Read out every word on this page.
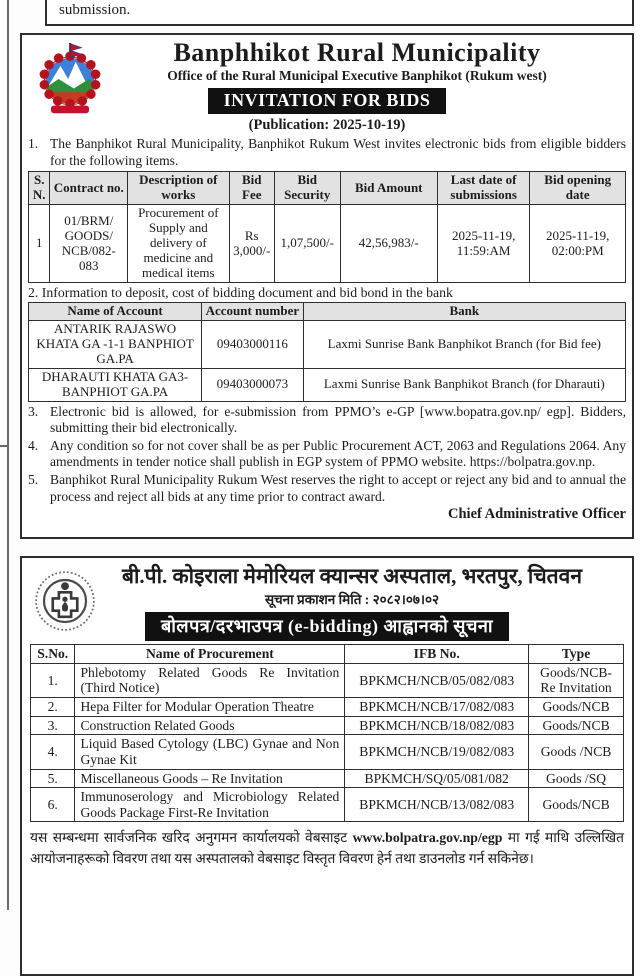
submission.
Banphhikot Rural Municipality
Office of the Rural Municipal Executive Banphikot (Rukum west)
INVITATION FOR BIDS
(Publication: 2025-10-19)
1. The Banphikot Rural Municipality, Banphikot Rukum West invites electronic bids from eligible bidders for the following items.
S. N.	Contract no.	Description of works	Bid Fee	Bid Security	Bid Amount	Last date of submissions	Bid opening date
1	01/BRM/ GOODS/ NCB/082-083	Procurement of Supply and delivery of medicine and medical items	Rs 3,000/-	1,07,500/-	42,56,983/-	2025-11-19, 11:59:AM	2025-11-19, 02:00:PM
2. Information to deposit, cost of bidding document and bid bond in the bank
Name of Account	Account number	Bank
ANTARIK RAJASWO KHATA GA -1-1 BANPHIOT GA.PA	09403000116	Laxmi Sunrise Bank Banphikot Branch (for Bid fee)
DHARAUTI KHATA GA3- BANPHIOT GA.PA	09403000073	Laxmi Sunrise Bank Banphikot Branch (for Dharauti)
3. Electronic bid is allowed, for e-submission from PPMO’s e-GP [www.bopatra.gov.np/ egp]. Bidders, submitting their bid electronically.
4. Any condition so for not cover shall be as per Public Procurement ACT, 2063 and Regulations 2064. Any amendments in tender notice shall publish in EGP system of PPMO website. https://bolpatra.gov.np.
5. Banphikot Rural Municipality Rukum West reserves the right to accept or reject any bid and to annual the process and reject all bids at any time prior to contract award.
Chief Administrative Officer
बी.पी. कोइराला मेमोरियल क्यान्सर अस्पताल, भरतपुर, चितवन
सूचना प्रकाशन मिति : २०८२।०७।०२
बोलपत्र/दरभाउपत्र (e-bidding) आह्वानको सूचना
S.No.	Name of Procurement	IFB No.	Type
1.	Phlebotomy Related Goods Re Invitation (Third Notice)	BPKMCH/NCB/05/082/083	Goods/NCB- Re Invitation
2.	Hepa Filter for Modular Operation Theatre	BPKMCH/NCB/17/082/083	Goods/NCB
3.	Construction Related Goods	BPKMCH/NCB/18/082/083	Goods/NCB
4.	Liquid Based Cytology (LBC) Gynae and Non Gynae Kit	BPKMCH/NCB/19/082/083	Goods /NCB
5.	Miscellaneous Goods – Re Invitation	BPKMCH/SQ/05/081/082	Goods /SQ
6.	Immunoserology and Microbiology Related Goods Package First-Re Invitation	BPKMCH/NCB/13/082/083	Goods/NCB
यस सम्बन्धमा सार्वजनिक खरिद अनुगमन कार्यालयको वेबसाइट www.bolpatra.gov.np/egp मा गई माथि उल्लिखित आयोजनाहरूको विवरण तथा यस अस्पतालको वेबसाइट विस्तृत विवरण हेर्न तथा डाउनलोड गर्न सकिनेछ।
